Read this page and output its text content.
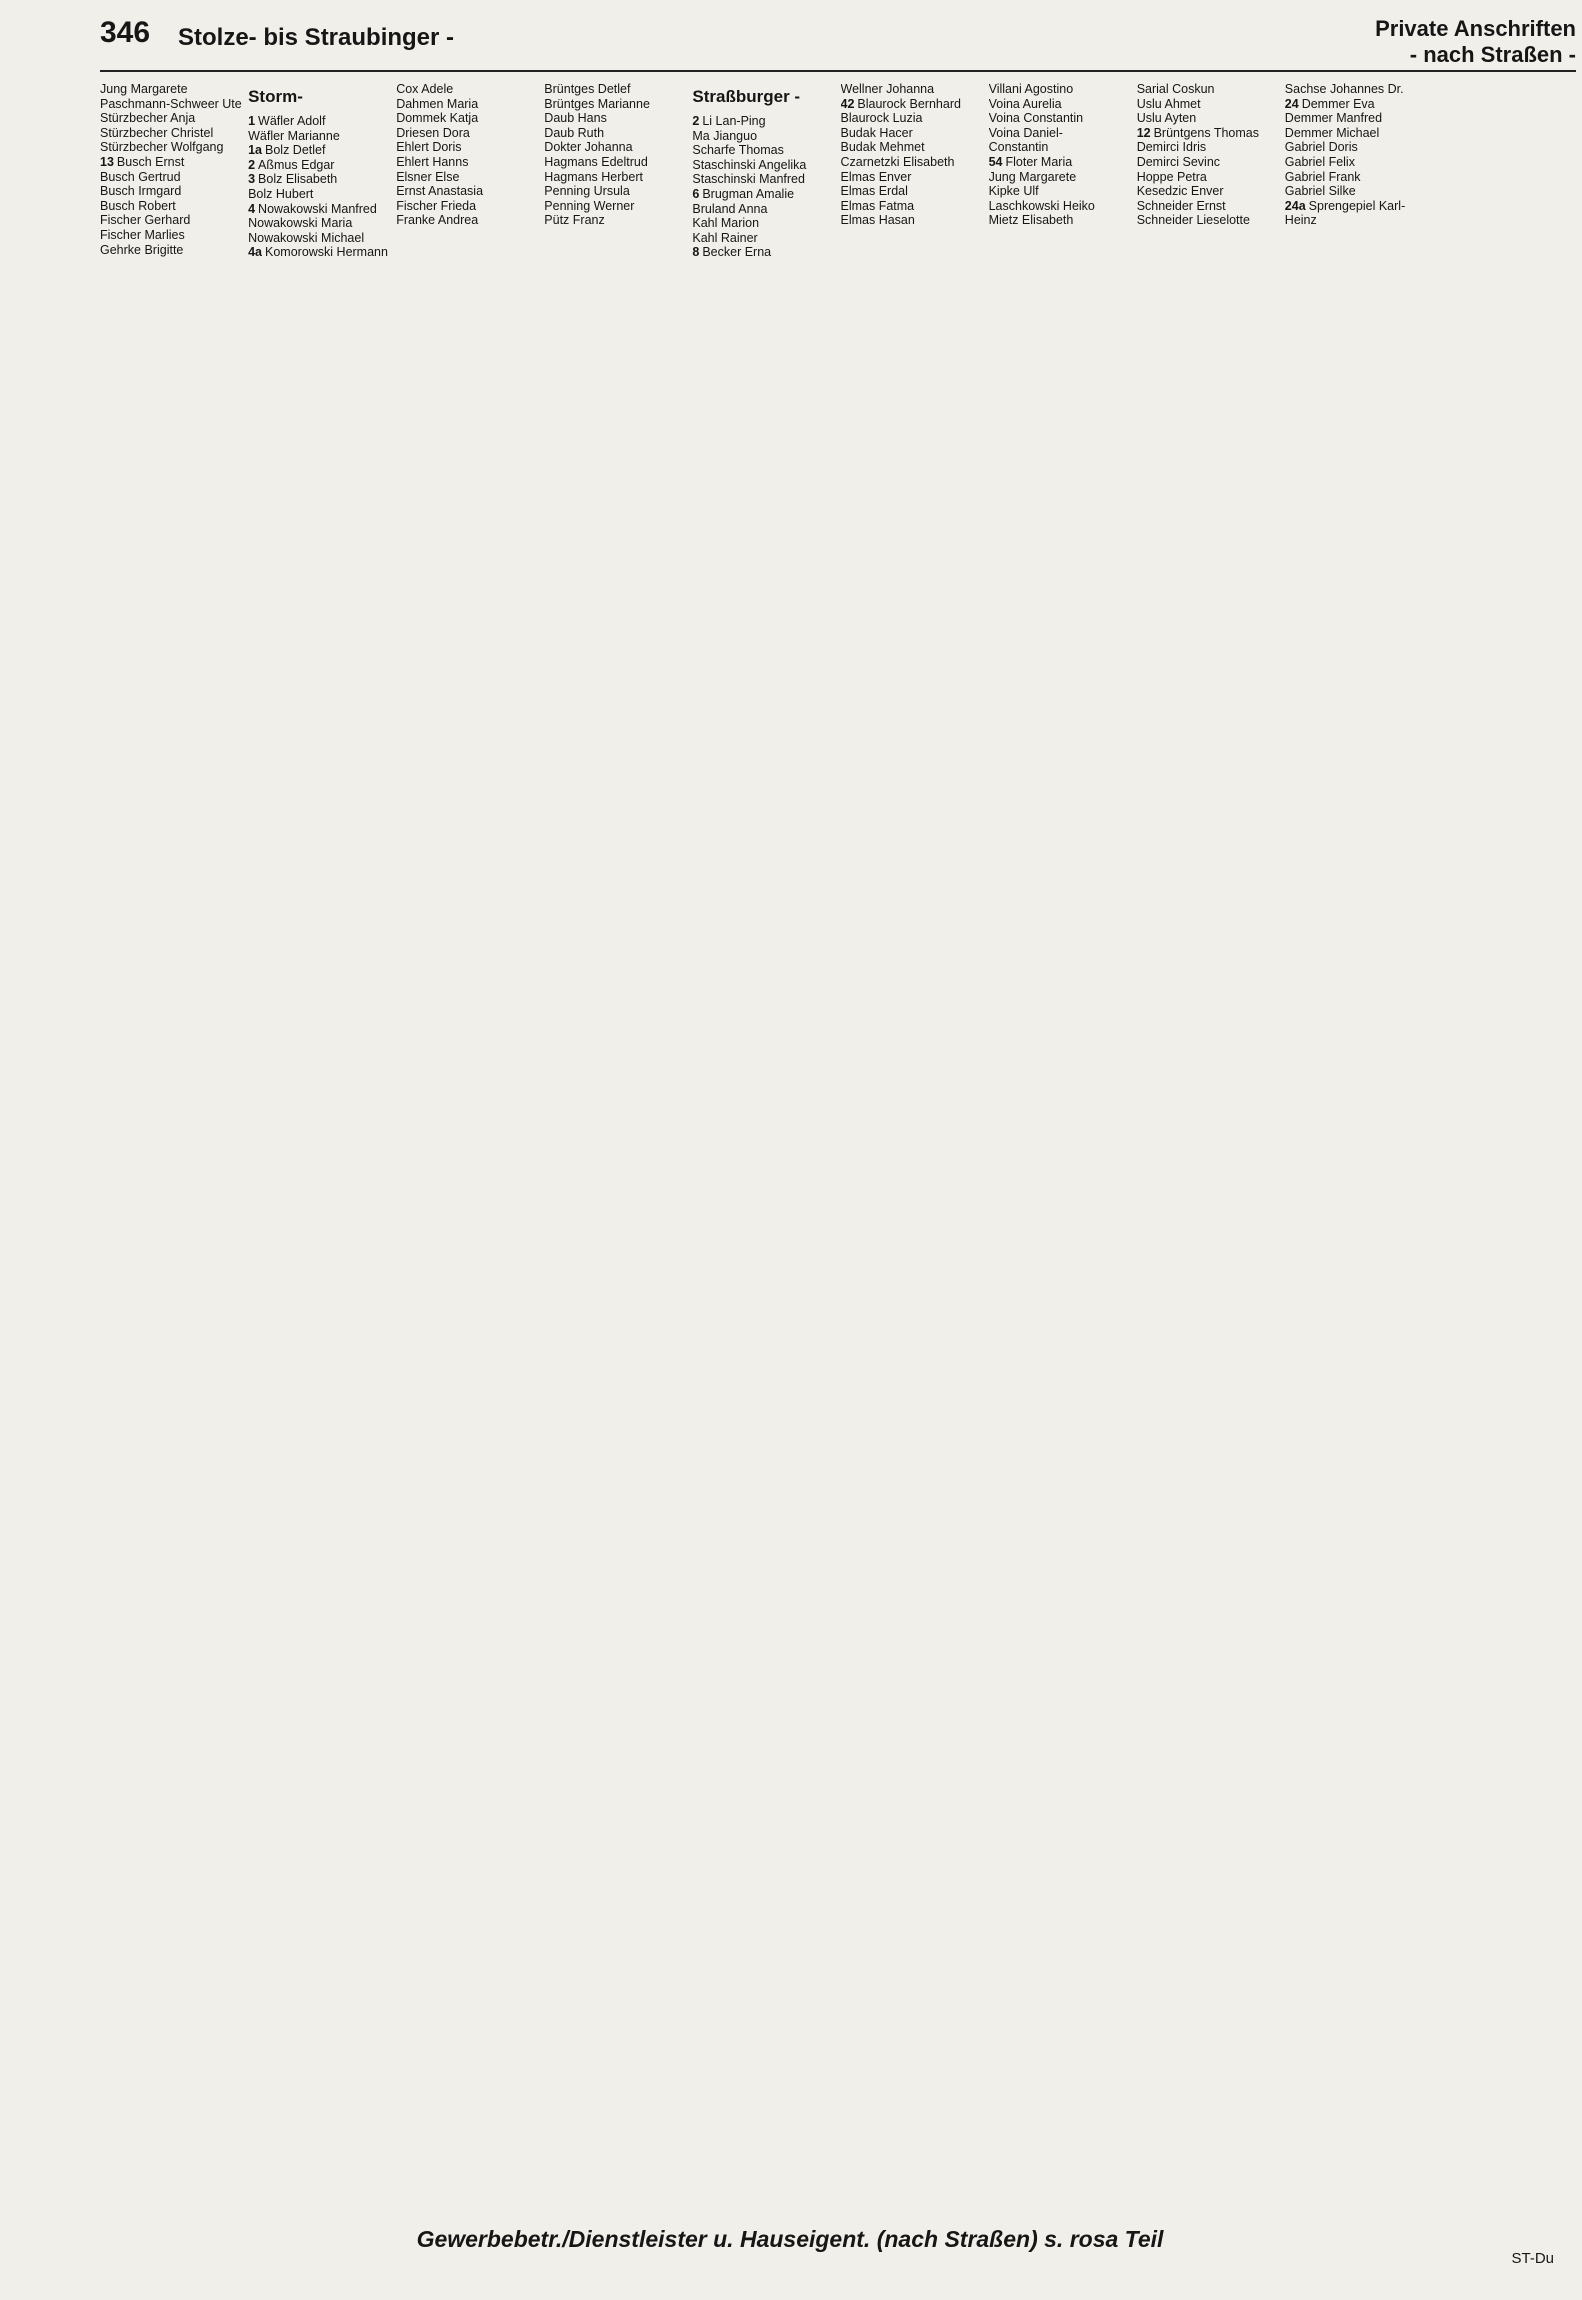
346 Stolze- bis Straubinger -	Private Anschriften
- nach Straßen -
Jung Margarete
Paschmann-Schweer Ute
Stürzbecher Anja
Stürzbecher Christel
Stürzbecher Wolfgang
13 Busch Ernst
Busch Gertrud
Busch Irmgard
Busch Robert
Fischer Gerhard
Fischer Marlies
Gehrke Brigitte
Storm-
1 Wäfler Adolf
Wäfler Marianne
1a Bolz Detlef
2 Aßmus Edgar
3 Bolz Elisabeth
Bolz Hubert
4 Nowakowski Manfred
Nowakowski Maria
Nowakowski Michael
4a Komorowski Hermann
Cox Adele
Dahmen Maria
Dommek Katja
Driesen Dora
Ehlert Doris
Ehlert Hanns
Elsner Else
Ernst Anastasia
Fischer Frieda
Franke Andrea
Brüntges Detlef
Brüntges Marianne
Daub Hans
Daub Ruth
Dokter Johanna
Hagmans Edeltrud
Hagmans Herbert
Penning Ursula
Penning Werner
Pütz Franz
Straßburger -
2 Li Lan-Ping
Ma Jianguo
Scharfe Thomas
Staschinski Angelika
Staschinski Manfred
6 Brugman Amalie
Bruland Anna
Kahl Marion
Kahl Rainer
8 Becker Erna
Wellner Johanna
42 Blaurock Bernhard
Blaurock Luzia
Budak Hacer
Budak Mehmet
Czarnetzki Elisabeth
Elmas Enver
Elmas Erdal
Elmas Fatma
Elmas Hasan
Villani Agostino
Voina Aurelia
Voina Constantin
Voina Daniel-
Constantin
54 Floter Maria
Jung Margarete
Kipke Ulf
Laschkowski Heiko
Mietz Elisabeth
Sarial Coskun
Uslu Ahmet
Uslu Ayten
12 Brüntgens Thomas
Demirci Idris
Demirci Sevinc
Hoppe Petra
Kesedzic Enver
Schneider Ernst
Schneider Lieselotte
Sachse Johannes Dr.
24 Demmer Eva
Demmer Manfred
Demmer Michael
Gabriel Doris
Gabriel Felix
Gabriel Frank
Gabriel Silke
24a Sprengepiel Karl-
Heinz
Gewerbebetr./Dienstleister u. Hauseigent. (nach Straßen) s. rosa Teil
ST-Du
